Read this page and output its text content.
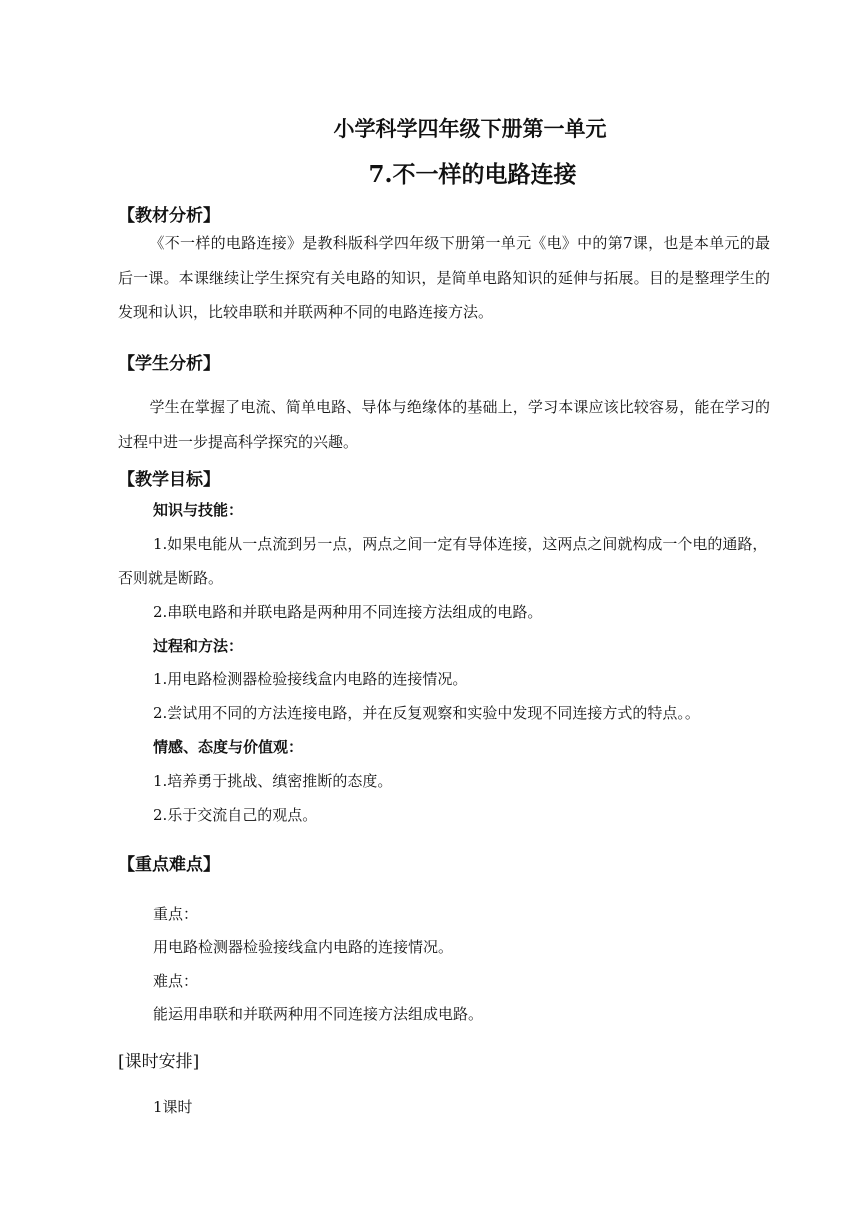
小学科学四年级下册第一单元
7.不一样的电路连接
【教材分析】
《不一样的电路连接》是教科版科学四年级下册第一单元《电》中的第7课，也是本单元的最后一课。本课继续让学生探究有关电路的知识，是简单电路知识的延伸与拓展。目的是整理学生的发现和认识，比较串联和并联两种不同的电路连接方法。
【学生分析】
学生在掌握了电流、简单电路、导体与绝缘体的基础上，学习本课应该比较容易，能在学习的过程中进一步提高科学探究的兴趣。
【教学目标】
知识与技能：
1.如果电能从一点流到另一点，两点之间一定有导体连接，这两点之间就构成一个电的通路，
否则就是断路。
2.串联电路和并联电路是两种用不同连接方法组成的电路。
过程和方法：
1.用电路检测器检验接线盒内电路的连接情况。
2.尝试用不同的方法连接电路，并在反复观察和实验中发现不同连接方式的特点。。
情感、态度与价值观：
1.培养勇于挑战、缜密推断的态度。
2.乐于交流自己的观点。
【重点难点】
重点：
用电路检测器检验接线盒内电路的连接情况。
难点：
能运用串联和并联两种用不同连接方法组成电路。
[课时安排]
1课时
